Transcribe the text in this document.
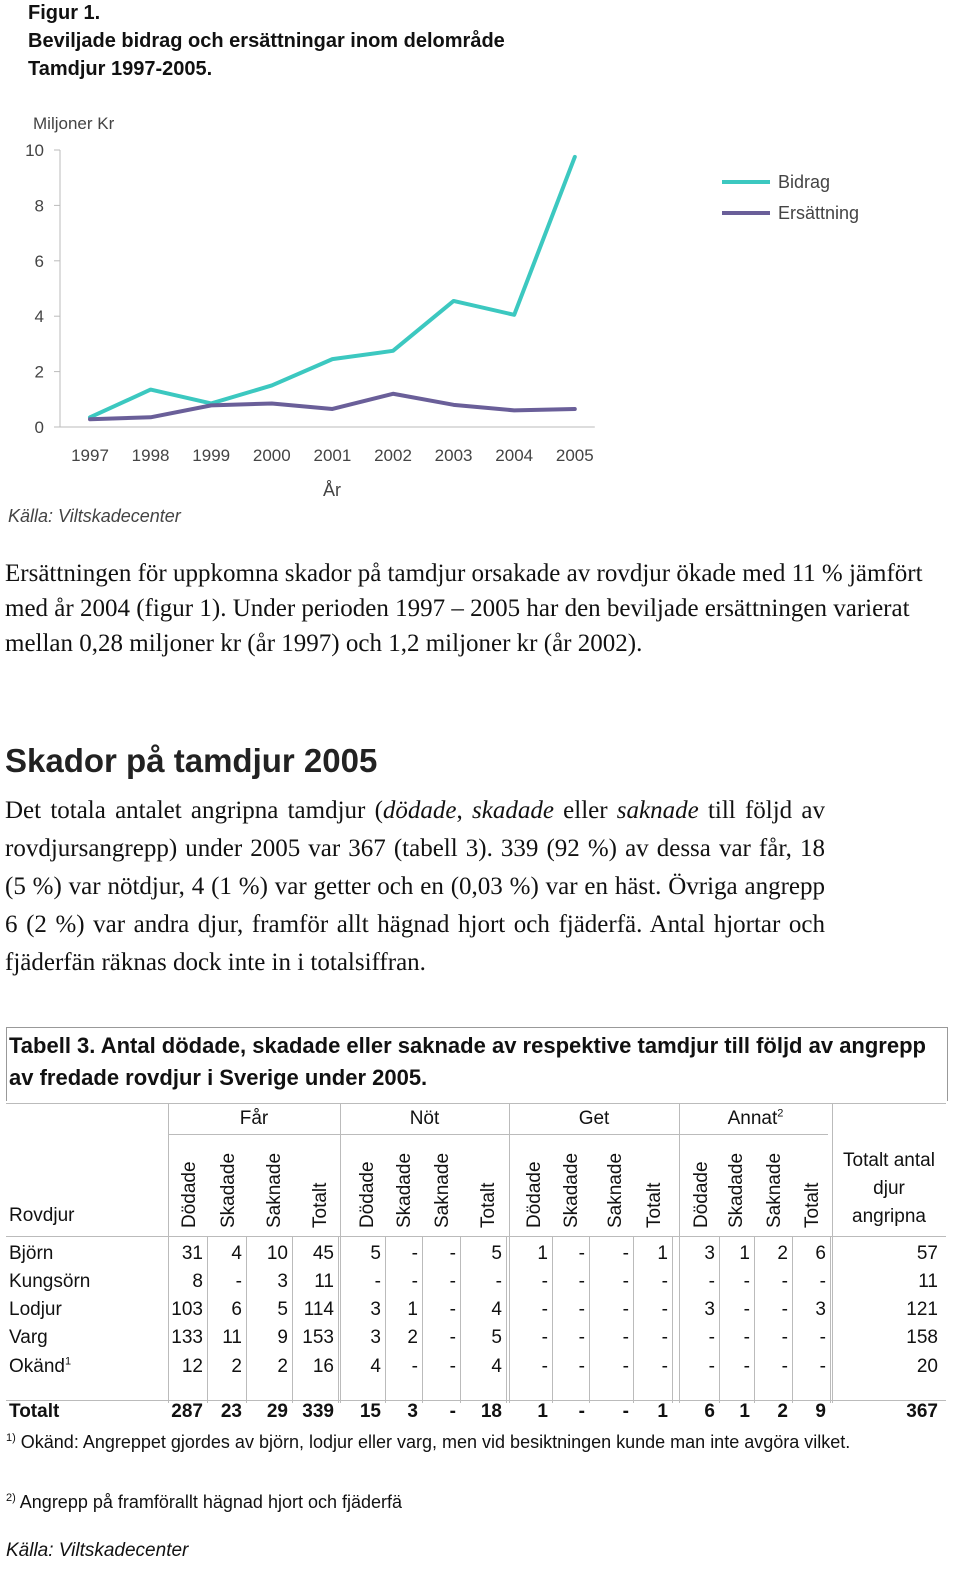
Figur 1.
Beviljade bidrag och ersättningar inom delområde
Tamdjur 1997-2005.
0
2
4
6
8
10
Miljoner Kr
1997 1998 1999 2000 2001 2002 2003 2004 2005
År
Bidrag
Ersättning
Källa: Viltskadecenter

Ersättningen för uppkomna skador på tamdjur orsakade av rovdjur ökade med 11 % jämfört med år 2004 (figur 1). Under perioden 1997 – 2005 har den beviljade ersättningen varierat mellan 0,28 miljoner kr (år 1997) och 1,2 miljoner kr (år 2002).

Skador på tamdjur 2005

Det totala antalet angripna tamdjur (dödade, skadade eller saknade till följd av rovdjursangrepp) under 2005 var 367 (tabell 3). 339 (92 %) av dessa var får, 18 (5 %) var nötdjur, 4 (1 %) var getter och en (0,03 %) var en häst. Övriga angrepp 6 (2 %) var andra djur, framför allt hägnad hjort och fjäderfä. Antal hjortar och fjäderfän räknas dock inte in i totalsiffran.

Tabell 3. Antal dödade, skadade eller saknade av respektive tamdjur till följd av angrepp av fredade rovdjur i Sverige under 2005.
Får	Nöt	Get	Annat$^2$
Dödade Skadade Saknade Totalt Dödade Skadade Saknade Totalt Dödade Skadade Saknade Totalt Dödade Skadade Saknade Totalt
Rovdjur
Totalt antal
djur
angripna
Björn	31	4	10	45	5	-	-	5	1	-	-	1	3	1	2	6	57
Kungsörn	8	-	3	11	-	-	-	-	-	-	-	-	-	-	-	-	11
Lodjur	103	6	5 114	3	1	-	4	-	-	-	-	3	-	-	3	121
Varg	133	11	9 153	3	2	-	5	-	-	-	-	-	-	-	-	158
Okänd$^1$	12	2	2	16	4	-	-	4	-	-	-	-	-	-	-	-	20
Totalt	287 23	29 339	15	3	-	18	1	-	-	1	6	1	2	9	367
$^{1)}$ Okänd: Angreppet gjordes av björn, lodjur eller varg, men vid besiktningen kunde man inte avgöra vilket.
$^{2)}$ Angrepp på framförallt hägnad hjort och fjäderfä
Källa: Viltskadecenter
